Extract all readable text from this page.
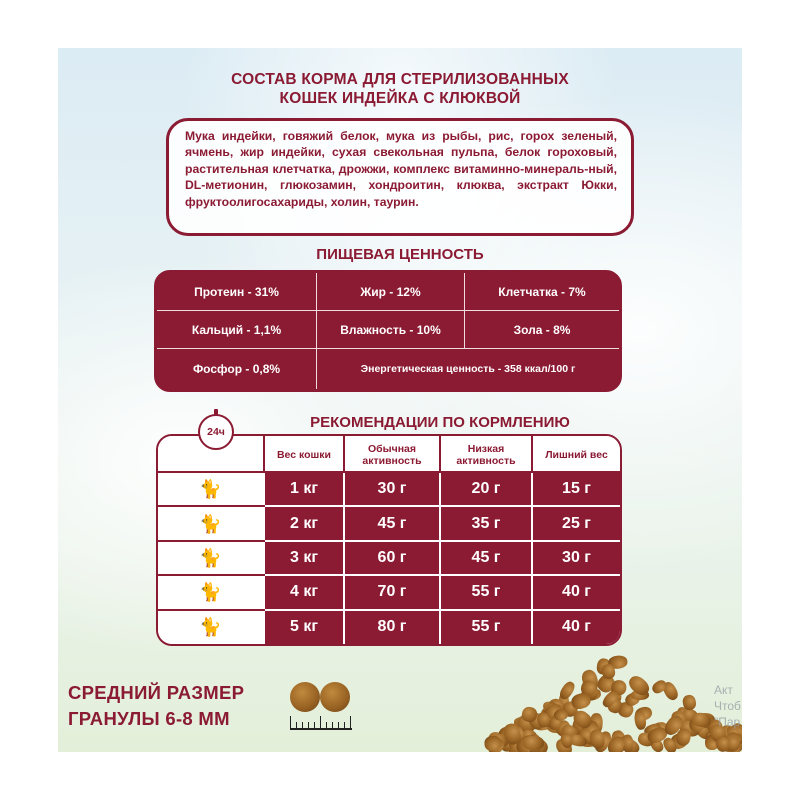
СОСТАВ КОРМА ДЛЯ СТЕРИЛИЗОВАННЫХ
КОШЕК ИНДЕЙКА С КЛЮКВОЙ

Мука индейки, говяжий белок, мука из рыбы, рис, горох зеленый, ячмень, жир индейки, сухая свекольная пульпа, белок гороховый, растительная клетчатка, дрожжи, комплекс витаминно-минераль-ный, DL-метионин, глюкозамин, хондроитин, клюква, экстракт Юкки, фруктоолигосахариды, холин, таурин.

ПИЩЕВАЯ ЦЕННОСТЬ
Протеин - 31%	Жир - 12%	Клетчатка - 7%
Кальций - 1,1%	Влажность - 10%	Зола - 8%
Фосфор - 0,8%	Энергетическая ценность - 358 ккал/100 г
РЕКОМЕНДАЦИИ ПО КОРМЛЕНИЮ
	Вес кошки	Обычная активность	Низкая активность	Лишний вес
🐈	1 кг	30 г	20 г	15 г
🐈	2 кг	45 г	35 г	25 г
🐈	3 кг	60 г	45 г	30 г
🐈	4 кг	70 г	55 г	40 г
🐈	5 кг	80 г	55 г	40 г
24ч
СРЕДНИЙ РАЗМЕР
ГРАНУЛЫ 6-8 ММ
Акт
Чтоб
"Пар
